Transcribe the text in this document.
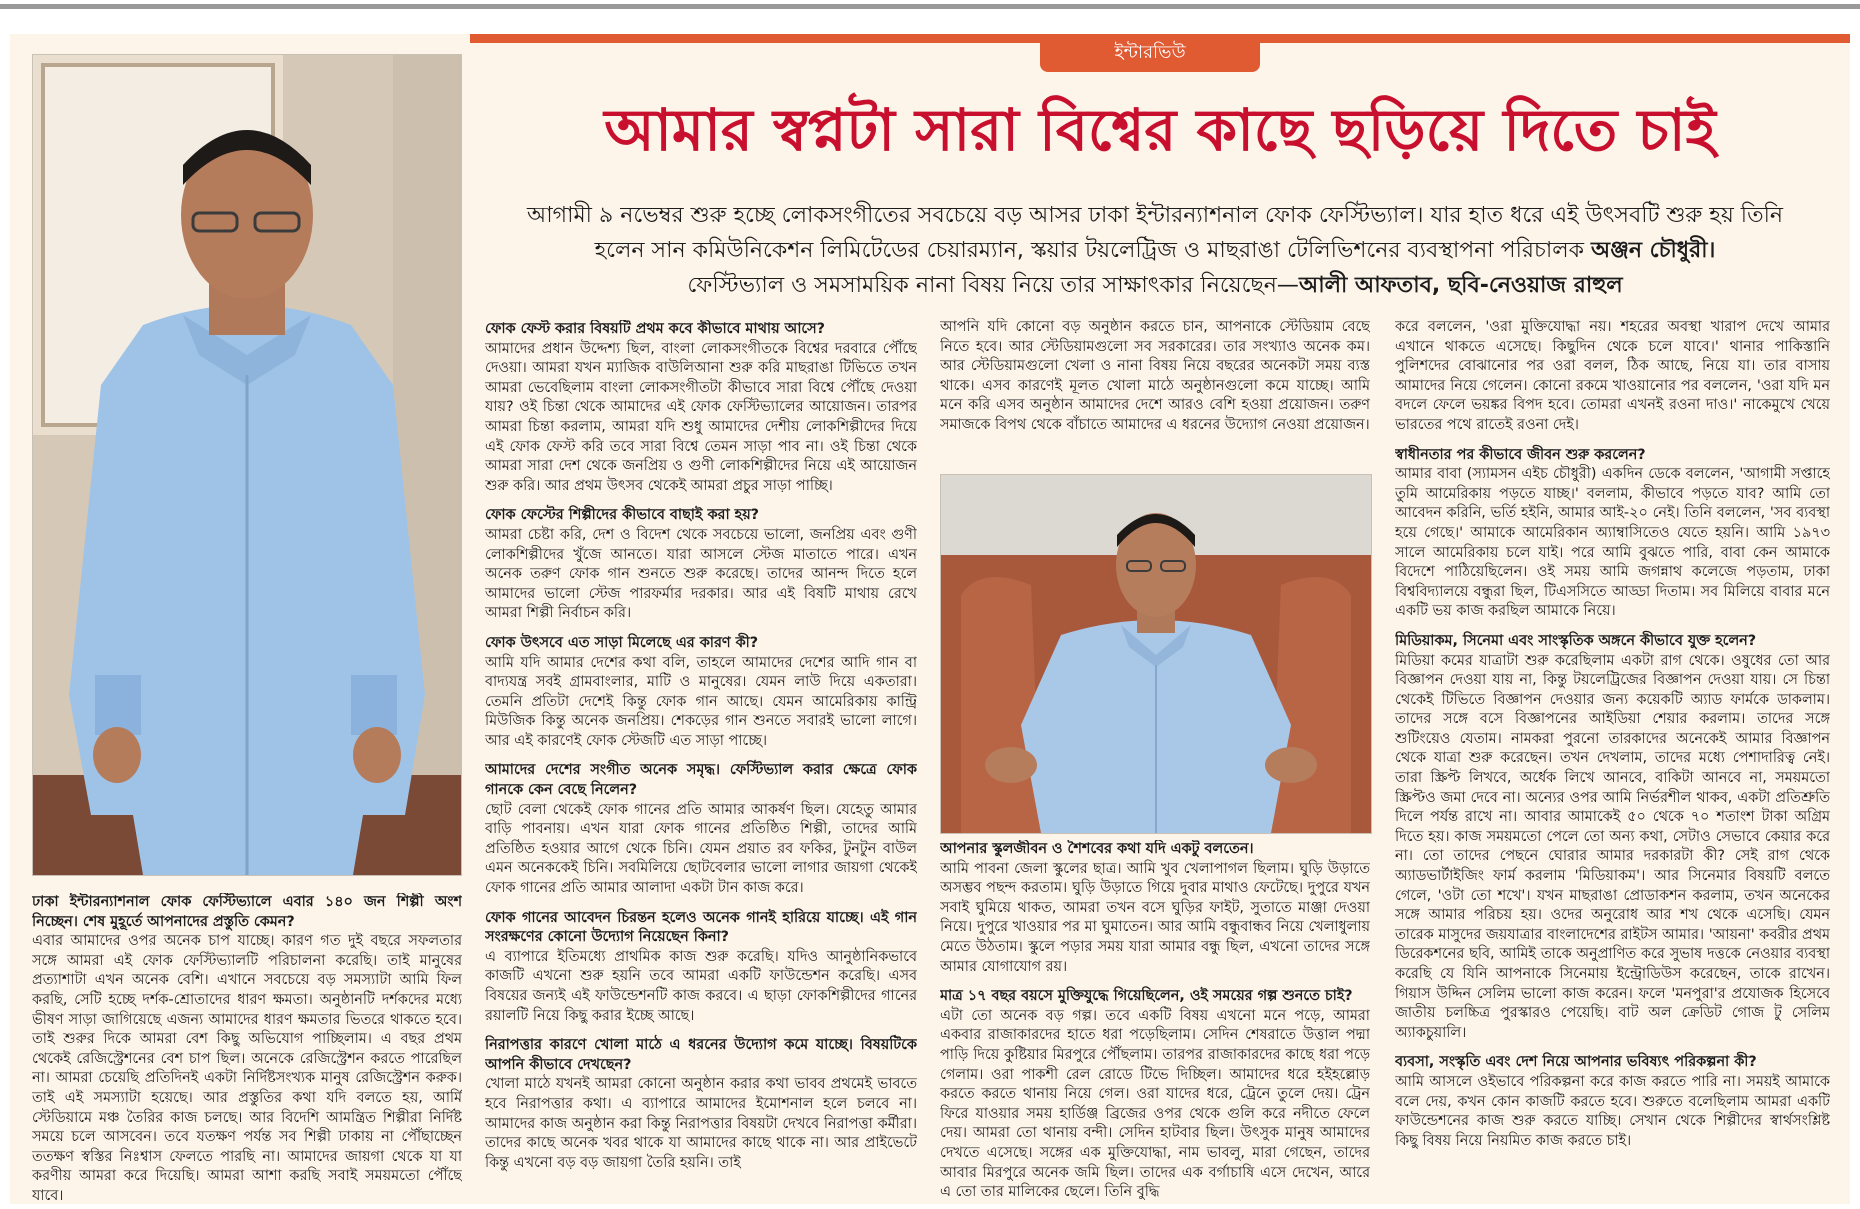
ইন্টারভিউ
আমার স্বপ্নটা সারা বিশ্বের কাছে ছড়িয়ে দিতে চাই
আগামী ৯ নভেম্বর শুরু হচ্ছে লোকসংগীতের সবচেয়ে বড় আসর ঢাকা ইন্টারন্যাশনাল ফোক ফেস্টিভ্যাল। যার হাত ধরে এই উৎসবটি শুরু হয় তিনি
হলেন সান কমিউনিকেশন লিমিটেডের চেয়ারম্যান, স্কয়ার টয়লেট্রিজ ও মাছরাঙা টেলিভিশনের ব্যবস্থাপনা পরিচালক অঞ্জন চৌধুরী।
ফেস্টিভ্যাল ও সমসাময়িক নানা বিষয় নিয়ে তার সাক্ষাৎকার নিয়েছেন—আলী আফতাব, ছবি-নেওয়াজ রাহুল

ঢাকা ইন্টারন্যাশনাল ফোক ফেস্টিভ্যালে এবার ১৪০ জন শিল্পী অংশ নিচ্ছেন। শেষ মুহূর্তে আপনাদের প্রস্তুতি কেমন?

এবার আমাদের ওপর অনেক চাপ যাচ্ছে। কারণ গত দুই বছরে সফলতার সঙ্গে আমরা এই ফোক ফেস্টিভ্যালটি পরিচালনা করেছি। তাই মানুষের প্রত্যাশাটা এখন অনেক বেশি। এখানে সবচেয়ে বড় সমস্যাটা আমি ফিল করছি, সেটি হচ্ছে দর্শক-শ্রোতাদের ধারণ ক্ষমতা। অনুষ্ঠানটি দর্শকদের মধ্যে ভীষণ সাড়া জাগিয়েছে এজন্য আমাদের ধারণ ক্ষমতার ভিতরে থাকতে হবে। তাই শুরুর দিকে আমরা বেশ কিছু অভিযোগ পাচ্ছিলাম। এ বছর প্রথম থেকেই রেজিস্ট্রেশনের বেশ চাপ ছিল। অনেকে রেজিস্ট্রেশন করতে পারেছিল না। আমরা চেয়েছি প্রতিদিনই একটা নির্দিষ্টসংখ্যক মানুষ রেজিস্ট্রেশন করুক। তাই এই সমস্যাটা হয়েছে। আর প্রস্তুতির কথা যদি বলতে হয়, আর্মি স্টেডিয়ামে মঞ্চ তৈরির কাজ চলছে। আর বিদেশি আমন্ত্রিত শিল্পীরা নির্দিষ্ট সময়ে চলে আসবেন। তবে যতক্ষণ পর্যন্ত সব শিল্পী ঢাকায় না পৌঁছাচ্ছেন ততক্ষণ স্বস্তির নিঃশ্বাস ফেলতে পারছি না। আমাদের জায়গা থেকে যা যা করণীয় আমরা করে দিয়েছি। আমরা আশা করছি সবাই সময়মতো পৌঁছে যাবে।

ফোক ফেস্ট করার বিষয়টি প্রথম কবে কীভাবে মাথায় আসে?

আমাদের প্রধান উদ্দেশ্য ছিল, বাংলা লোকসংগীতকে বিশ্বের দরবারে পৌঁছে দেওয়া। আমরা যখন ম্যাজিক বাউলিআনা শুরু করি মাছরাঙা টিভিতে তখন আমরা ভেবেছিলাম বাংলা লোকসংগীতটা কীভাবে সারা বিশ্বে পৌঁছে দেওয়া যায়? ওই চিন্তা থেকে আমাদের এই ফোক ফেস্টিভ্যালের আয়োজন। তারপর আমরা চিন্তা করলাম, আমরা যদি শুধু আমাদের দেশীয় লোকশিল্পীদের দিয়ে এই ফোক ফেস্ট করি তবে সারা বিশ্বে তেমন সাড়া পাব না। ওই চিন্তা থেকে আমরা সারা দেশ থেকে জনপ্রিয় ও গুণী লোকশিল্পীদের নিয়ে এই আয়োজন শুরু করি। আর প্রথম উৎসব থেকেই আমরা প্রচুর সাড়া পাচ্ছি।

ফোক ফেস্টের শিল্পীদের কীভাবে বাছাই করা হয়?

আমরা চেষ্টা করি, দেশ ও বিদেশ থেকে সবচেয়ে ভালো, জনপ্রিয় এবং গুণী লোকশিল্পীদের খুঁজে আনতে। যারা আসলে স্টেজ মাতাতে পারে। এখন অনেক তরুণ ফোক গান শুনতে শুরু করেছে। তাদের আনন্দ দিতে হলে আমাদের ভালো স্টেজ পারফর্মার দরকার। আর এই বিষটি মাথায় রেখে আমরা শিল্পী নির্বাচন করি।

ফোক উৎসবে এত সাড়া মিলেছে এর কারণ কী?

আমি যদি আমার দেশের কথা বলি, তাহলে আমাদের দেশের আদি গান বা বাদ্যযন্ত্র সবই গ্রামবাংলার, মাটি ও মানুষের। যেমন লাউ দিয়ে একতারা। তেমনি প্রতিটা দেশেই কিন্তু ফোক গান আছে। যেমন আমেরিকায় কান্ট্রি মিউজিক কিন্তু অনেক জনপ্রিয়। শেকড়ের গান শুনতে সবারই ভালো লাগে। আর এই কারণেই ফোক স্টেজটি এত সাড়া পাচ্ছে।

আমাদের দেশের সংগীত অনেক সমৃদ্ধ। ফেস্টিভ্যাল করার ক্ষেত্রে ফোক গানকে কেন বেছে নিলেন?

ছোট বেলা থেকেই ফোক গানের প্রতি আমার আকর্ষণ ছিল। যেহেতু আমার বাড়ি পাবনায়। এখন যারা ফোক গানের প্রতিষ্ঠিত শিল্পী, তাদের আমি প্রতিষ্ঠিত হওয়ার আগে থেকে চিনি। যেমন প্রয়াত রব ফকির, টুনটুন বাউল এমন অনেককেই চিনি। সবমিলিয়ে ছোটবেলার ভালো লাগার জায়গা থেকেই ফোক গানের প্রতি আমার আলাদা একটা টান কাজ করে।

ফোক গানের আবেদন চিরন্তন হলেও অনেক গানই হারিয়ে যাচ্ছে। এই গান সংরক্ষণের কোনো উদ্যোগ নিয়েছেন কিনা?

এ ব্যাপারে ইতিমধ্যে প্রাথমিক কাজ শুরু করেছি। যদিও আনুষ্ঠানিকভাবে কাজটি এখনো শুরু হয়নি তবে আমরা একটি ফাউন্ডেশন করেছি। এসব বিষয়ের জন্যই এই ফাউন্ডেশনটি কাজ করবে। এ ছাড়া ফোকশিল্পীদের গানের রয়ালটি নিয়ে কিছু করার ইচ্ছে আছে।

নিরাপত্তার কারণে খোলা মাঠে এ ধরনের উদ্যোগ কমে যাচ্ছে। বিষয়টিকে আপনি কীভাবে দেখছেন?

খোলা মাঠে যখনই আমরা কোনো অনুষ্ঠান করার কথা ভাবব প্রথমেই ভাবতে হবে নিরাপত্তার কথা। এ ব্যাপারে আমাদের ইমোশনাল হলে চলবে না। আমাদের কাজ অনুষ্ঠান করা কিন্তু নিরাপত্তার বিষয়টা দেখবে নিরাপত্তা কর্মীরা। তাদের কাছে অনেক খবর থাকে যা আমাদের কাছে থাকে না। আর প্রাইভেটে কিন্তু এখনো বড় বড় জায়গা তৈরি হয়নি। তাই

আপনি যদি কোনো বড় অনুষ্ঠান করতে চান, আপনাকে স্টেডিয়াম বেছে নিতে হবে। আর স্টেডিয়ামগুলো সব সরকারের। তার সংখ্যাও অনেক কম। আর স্টেডিয়ামগুলো খেলা ও নানা বিষয় নিয়ে বছরের অনেকটা সময় ব্যস্ত থাকে। এসব কারণেই মূলত খোলা মাঠে অনুষ্ঠানগুলো কমে যাচ্ছে। আমি মনে করি এসব অনুষ্ঠান আমাদের দেশে আরও বেশি হওয়া প্রয়োজন। তরুণ সমাজকে বিপথ থেকে বাঁচাতে আমাদের এ ধরনের উদ্যোগ নেওয়া প্রয়োজন।

আপনার স্কুলজীবন ও শৈশবের কথা যদি একটু বলতেন।

আমি পাবনা জেলা স্কুলের ছাত্র। আমি খুব খেলাপাগল ছিলাম। ঘুড়ি উড়াতে অসম্ভব পছন্দ করতাম। ঘুড়ি উড়াতে গিয়ে দুবার মাথাও ফেটেছে। দুপুরে যখন সবাই ঘুমিয়ে থাকত, আমরা তখন বসে ঘুড়ির ফাইট, সুতাতে মাঞ্জা দেওয়া নিয়ে। দুপুরে খাওয়ার পর মা ঘুমাতেন। আর আমি বন্ধুবান্ধব নিয়ে খেলাধুলায় মেতে উঠতাম। স্কুলে পড়ার সময় যারা আমার বন্ধু ছিল, এখনো তাদের সঙ্গে আমার যোগাযোগ রয়।

মাত্র ১৭ বছর বয়সে মুক্তিযুদ্ধে গিয়েছিলেন, ওই সময়ের গল্প শুনতে চাই?

এটা তো অনেক বড় গল্প। তবে একটি বিষয় এখনো মনে পড়ে, আমরা একবার রাজাকারদের হাতে ধরা পড়েছিলাম। সেদিন শেষরাতে উত্তাল পদ্মা পাড়ি দিয়ে কুষ্টিয়ার মিরপুরে পৌঁছলাম। তারপর রাজাকারদের কাছে ধরা পড়ে গেলাম। ওরা পাকশী রেল রোডে টিভে দিচ্ছিল। আমাদের ধরে হইহল্লোড় করতে করতে থানায় নিয়ে গেল। ওরা যাদের ধরে, ট্রেনে তুলে দেয়। ট্রেন ফিরে যাওয়ার সময় হার্ডিঞ্জ ব্রিজের ওপর থেকে গুলি করে নদীতে ফেলে দেয়। আমরা তো থানায় বন্দী। সেদিন হাটবার ছিল। উৎসুক মানুষ আমাদের দেখতে এসেছে। সঙ্গের এক মুক্তিযোদ্ধা, নাম ভাবলু, মারা গেছেন, তাদের আবার মিরপুরে অনেক জমি ছিল। তাদের এক বর্গাচাষি এসে দেখেন, আরে এ তো তার মালিকের ছেলে। তিনি বুদ্ধি

করে বললেন, 'ওরা মুক্তিযোদ্ধা নয়। শহরের অবস্থা খারাপ দেখে আমার এখানে থাকতে এসেছে। কিছুদিন থেকে চলে যাবে।' থানার পাকিস্তানি পুলিশদের বোঝানোর পর ওরা বলল, ঠিক আছে, নিয়ে যা। তার বাসায় আমাদের নিয়ে গেলেন। কোনো রকমে খাওয়ানোর পর বললেন, 'ওরা যদি মন বদলে ফেলে ভয়ঙ্কর বিপদ হবে। তোমরা এখনই রওনা দাও।' নাকেমুখে খেয়ে ভারতের পথে রাতেই রওনা দেই।

স্বাধীনতার পর কীভাবে জীবন শুরু করলেন?

আমার বাবা (স্যামসন এইচ চৌধুরী) একদিন ডেকে বললেন, 'আগামী সপ্তাহে তুমি আমেরিকায় পড়তে যাচ্ছ।' বললাম, কীভাবে পড়তে যাব? আমি তো আবেদন করিনি, ভর্তি হইনি, আমার আই-২০ নেই। তিনি বললেন, 'সব ব্যবস্থা হয়ে গেছে।' আমাকে আমেরিকান অ্যাম্বাসিতেও যেতে হয়নি। আমি ১৯৭৩ সালে আমেরিকায় চলে যাই। পরে আমি বুঝতে পারি, বাবা কেন আমাকে বিদেশে পাঠিয়েছিলেন। ওই সময় আমি জগন্নাথ কলেজে পড়তাম, ঢাকা বিশ্ববিদ্যালয়ে বন্ধুরা ছিল, টিএসসিতে আড্ডা দিতাম। সব মিলিয়ে বাবার মনে একটি ভয় কাজ করছিল আমাকে নিয়ে।

মিডিয়াকম, সিনেমা এবং সাংস্কৃতিক অঙ্গনে কীভাবে যুক্ত হলেন?

মিডিয়া কমের যাত্রাটা শুরু করেছিলাম একটা রাগ থেকে। ওষুধের তো আর বিজ্ঞাপন দেওয়া যায় না, কিন্তু টয়লেট্রিজের বিজ্ঞাপন দেওয়া যায়। সে চিন্তা থেকেই টিভিতে বিজ্ঞাপন দেওয়ার জন্য কয়েকটি অ্যাড ফার্মকে ডাকলাম। তাদের সঙ্গে বসে বিজ্ঞাপনের আইডিয়া শেয়ার করলাম। তাদের সঙ্গে শুটিংয়েও যেতাম। নামকরা পুরনো তারকাদের অনেকেই আমার বিজ্ঞাপন থেকে যাত্রা শুরু করেছেন। তখন দেখলাম, তাদের মধ্যে পেশাদারিত্ব নেই। তারা স্ক্রিপ্ট লিখবে, অর্ধেক লিখে আনবে, বাকিটা আনবে না, সময়মতো স্ক্রিপ্টও জমা দেবে না। অন্যের ওপর আমি নির্ভরশীল থাকব, একটা প্রতিশ্রুতি দিলে পর্যন্ত রাখে না। আবার আমাকেই ৫০ থেকে ৭০ শতাংশ টাকা অগ্রিম দিতে হয়। কাজ সময়মতো পেলে তো অন্য কথা, সেটাও সেভাবে কেয়ার করে না। তো তাদের পেছনে ঘোরার আমার দরকারটা কী? সেই রাগ থেকে অ্যাডভার্টাইজিং ফার্ম করলাম 'মিডিয়াকম'। আর সিনেমার বিষয়টি বলতে গেলে, 'ওটা তো শখে'। যখন মাছরাঙা প্রোডাকশন করলাম, তখন অনেকের সঙ্গে আমার পরিচয় হয়। ওদের অনুরোধ আর শখ থেকে এসেছি। যেমন তারেক মাসুদের জয়যাত্রার বাংলাদেশের রাইটস আমার। 'আয়না' কবরীর প্রথম ডিরেকশনের ছবি, আমিই তাকে অনুপ্রাণিত করে সুভাষ দত্তকে নেওয়ার ব্যবস্থা করেছি যে যিনি আপনাকে সিনেমায় ইন্ট্রোডিউস করেছেন, তাকে রাখেন। গিয়াস উদ্দিন সেলিম ভালো কাজ করেন। ফলে 'মনপুরা'র প্রযোজক হিসেবে জাতীয় চলচ্চিত্র পুরস্কারও পেয়েছি। বাট অল ক্রেডিট গোজ টু সেলিম অ্যাকচুয়ালি।

ব্যবসা, সংস্কৃতি এবং দেশ নিয়ে আপনার ভবিষ্যৎ পরিকল্পনা কী?

আমি আসলে ওইভাবে পরিকল্পনা করে কাজ করতে পারি না। সময়ই আমাকে বলে দেয়, কখন কোন কাজটি করতে হবে। শুরুতে বলেছিলাম আমরা একটি ফাউন্ডেশনের কাজ শুরু করতে যাচ্ছি। সেখান থেকে শিল্পীদের স্বার্থসংশ্লিষ্ট কিছু বিষয় নিয়ে নিয়মিত কাজ করতে চাই।
